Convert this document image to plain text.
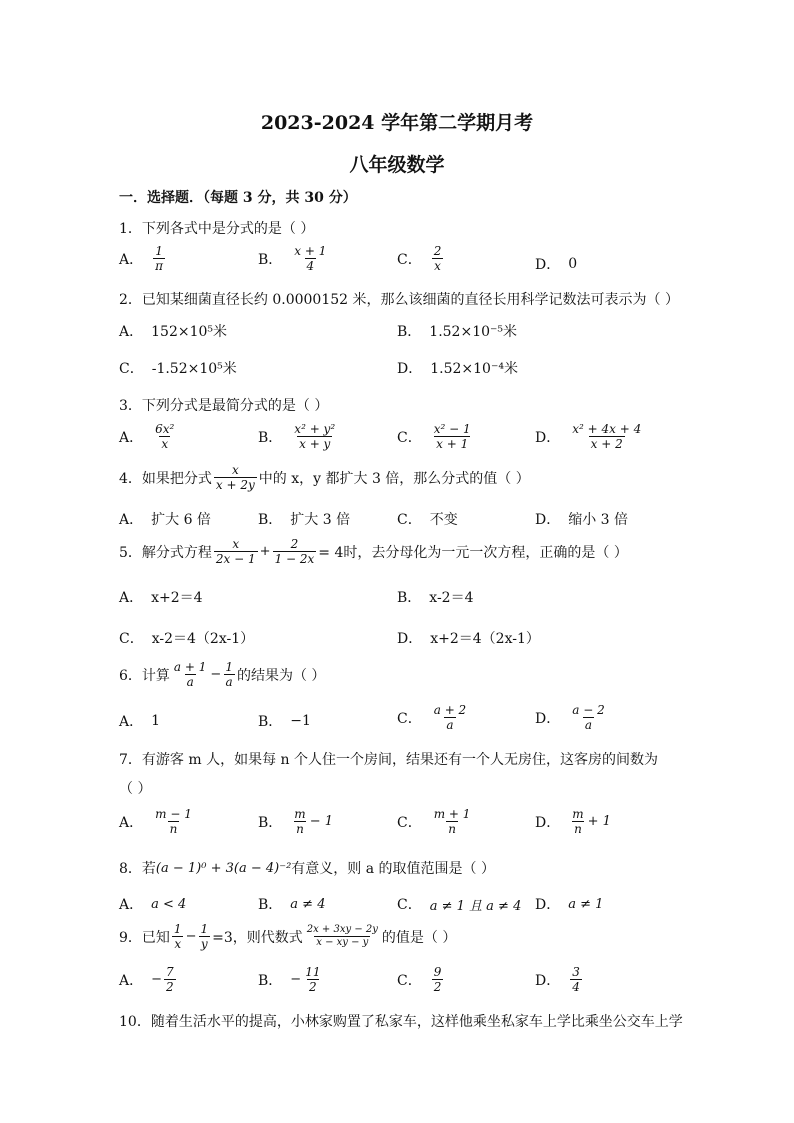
2023-2024 学年第二学期月考
八年级数学
一．选择题．（每题 3 分，共 30 分）
1．下列各式中是分式的是（ ）
A． $\frac{1}{\pi}$	B． $\frac{x + 1}{4}$	C． $\frac{2}{x}$	D． 0
2．已知某细菌直径长约 0.0000152 米，那么该细菌的直径长用科学记数法可表示为（ ）
A． 152×10⁵米	B． 1.52×10⁻⁵米
C． -1.52×10⁵米	D． 1.52×10⁻⁴米
3．下列分式是最简分式的是（ ）
A． $\frac{\text{6x²}}{x}$	B． $\frac{\text{x² + y²}}{x + y}$	C． $\frac{\text{x² − 1}}{x + 1}$	D． $\frac{\text{x² + 4x + 4}}{x + 2}$
4．如果把分式 $\frac{x}{x + 2y}$ 中的 x，y 都扩大 3 倍，那么分式的值（ ）
A． 扩大 6 倍	B． 扩大 3 倍	C． 不变	D． 缩小 3 倍
5．解分式方程 $\frac{x}{2x - 1} + \frac{2}{1 - 2x} = 4$时，去分母化为一元一次方程，正确的是（ ）
A． x+2＝4	B． x-2＝4
C． x-2＝4（2x-1）	D． x+2＝4（2x-1）
6．计算 $\frac{a + 1}{a} - \frac{1}{a}$ 的结果为（ ）
A． 1	B． −1	C． $\frac{a + 2}{a}$	D． $\frac{a - 2}{a}$
7．有游客 m 人，如果每 n 个人住一个房间，结果还有一个人无房住，这客房的间数为
（ ）
A． $\frac{m - 1}{n}$	B． $\frac{m}{n} - 1$	C． $\frac{m + 1}{n}$	D． $\frac{m}{n} + 1$
8．若 (a − 1)⁰ + 3(a − 4)⁻² 有意义，则 a 的取值范围是（ ）
A． a < 4	B． a ≠ 4	C． a ≠ 1 且 a ≠ 4 D． a ≠ 1
9．已知 $\frac{1}{x} - \frac{1}{y} =3$，则代数式 $\frac{2x + 3xy - 2y}{x - xy - y}$ 的值是（ ）
A． − $\frac{7}{2}$	B． − $\frac{11}{2}$	C． $\frac{9}{2}$	D． $\frac{3}{4}$
10．随着生活水平的提高，小林家购置了私家车，这样他乘坐私家车上学比乘坐公交车上学
